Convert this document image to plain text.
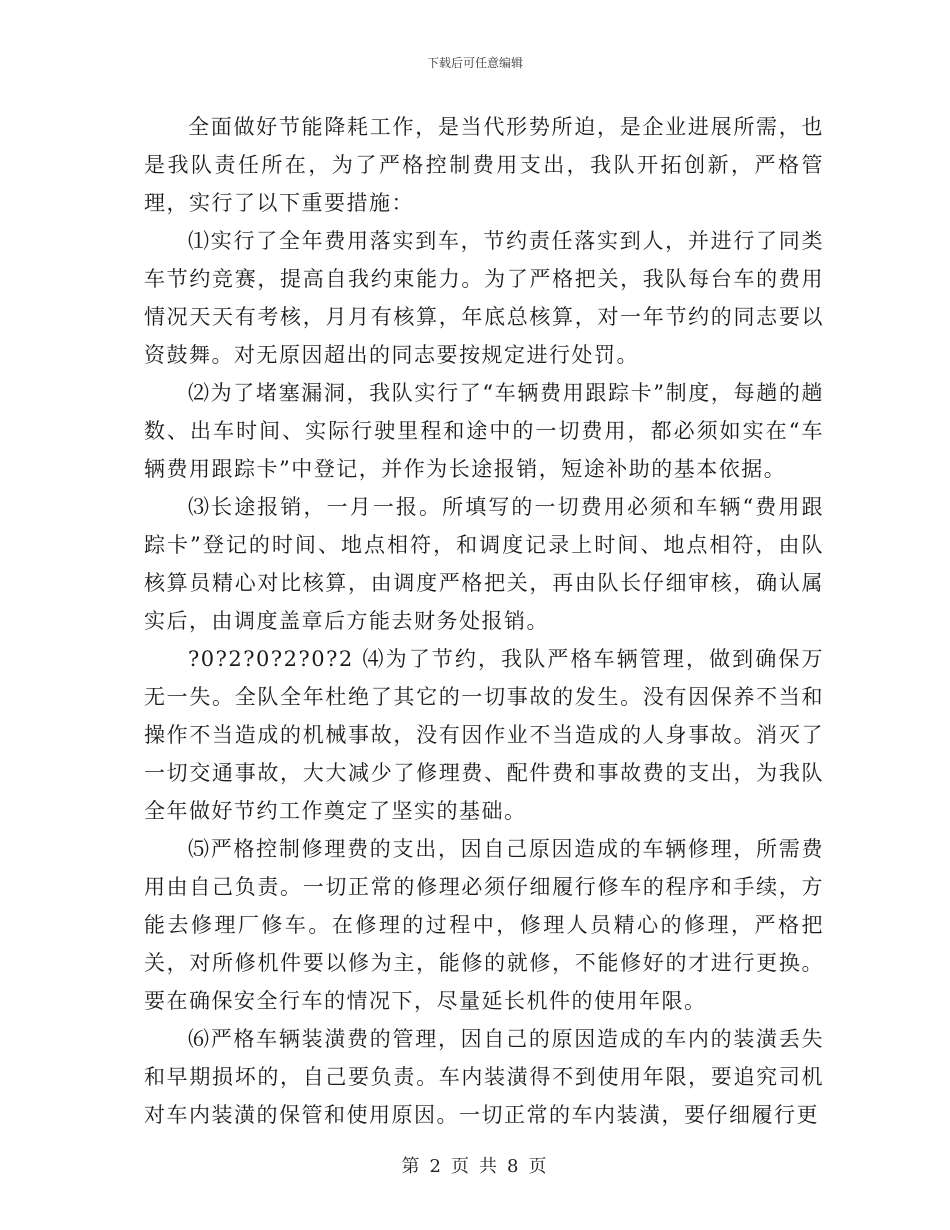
下载后可任意编辑

全面做好节能降耗工作，是当代形势所迫，是企业进展所需，也是我队责任所在，为了严格控制费用支出，我队开拓创新，严格管理，实行了以下重要措施：

⑴实行了全年费用落实到车，节约责任落实到人，并进行了同类车节约竞赛，提高自我约束能力。为了严格把关，我队每台车的费用情况天天有考核，月月有核算，年底总核算，对一年节约的同志要以资鼓舞。对无原因超出的同志要按规定进行处罚。

⑵为了堵塞漏洞，我队实行了“车辆费用跟踪卡”制度，每趟的趟数、出车时间、实际行驶里程和途中的一切费用，都必须如实在“车辆费用跟踪卡”中登记，并作为长途报销，短途补助的基本依据。

⑶长途报销，一月一报。所填写的一切费用必须和车辆“费用跟踪卡”登记的时间、地点相符，和调度记录上时间、地点相符，由队核算员精心对比核算，由调度严格把关，再由队长仔细审核，确认属实后，由调度盖章后方能去财务处报销。

?0?2?0?2?0?2 ⑷为了节约，我队严格车辆管理，做到确保万无一失。全队全年杜绝了其它的一切事故的发生。没有因保养不当和操作不当造成的机械事故，没有因作业不当造成的人身事故。消灭了一切交通事故，大大减少了修理费、配件费和事故费的支出，为我队全年做好节约工作奠定了坚实的基础。

⑸严格控制修理费的支出，因自己原因造成的车辆修理，所需费用由自己负责。一切正常的修理必须仔细履行修车的程序和手续，方能去修理厂修车。在修理的过程中，修理人员精心的修理，严格把关，对所修机件要以修为主，能修的就修，不能修好的才进行更换。要在确保安全行车的情况下，尽量延长机件的使用年限。

⑹严格车辆装潢费的管理，因自己的原因造成的车内的装潢丢失和早期损坏的，自己要负责。车内装潢得不到使用年限，要追究司机对车内装潢的保管和使用原因。一切正常的车内装潢，要仔细履行更

第 2 页 共 8 页
